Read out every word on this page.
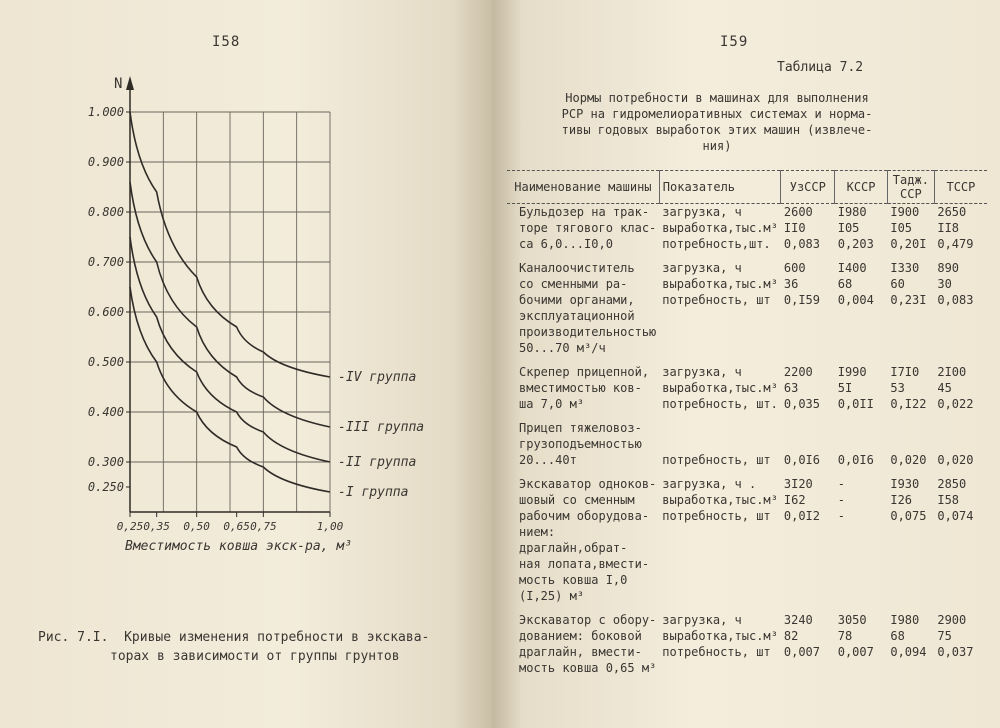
I58
1.000
0.900
0.800
0.700
0.600
0.500
0.400
0.300
0.250
0,25 0,35 0,50 0,65 0,75	1,00
N
Вместимость ковша экск-ра, м³
-IV группа
-III группа
-II группа
-I группа
Рис. 7.I. Кривые изменения потребности в экскава-
торах в зависимости от группы грунтов
I59
Таблица 7.2
Нормы потребности в машинах для выполнения
РСР на гидромелиоративных системах и норма-
тивы годовых выработок этих машин (извлече-
ния)
Наименование машины	Показатель	УзССР	КССР	Тадж. ССР	ТССР
Бульдозер на трак-	загрузка, ч	2600	I980	I900	2650
торе тягового клас-	выработка,тыс.м³	II0	I05	I05	II8
са 6,0...I0,0	потребность,шт.	0,083	0,203	0,20I	0,479
Каналоочиститель	загрузка, ч	600	I400	I330	890
со сменными ра-	выработка,тыс.м³	36	68	60	30
бочими органами,	потребность, шт	0,I59	0,004	0,23I	0,083
эксплуатационной					
производительностью					
50...70 м³/ч					
Скрепер прицепной,	загрузка, ч	2200	I990	I7I0	2I00
вместимостью ков-	выработка,тыс.м³	63	5I	53	45
ша 7,0 м³	потребность, шт.	0,035	0,0II	0,I22	0,022
Прицеп тяжеловоз-					
грузоподъемностью					
20...40т	потребность, шт	0,0I6	0,0I6	0,020	0,020
Экскаватор одноков-	загрузка, ч .	3I20	-	I930	2850
шовый со сменным	выработка,тыс.м³	I62	-	I26	I58
рабочим оборудова-	потребность, шт	0,0I2	-	0,075	0,074
нием: драглайн,обрат-					
ная лопата,вмести-					
мость ковша I,0					
(I,25) м³					
Экскаватор с обору-	загрузка, ч	3240	3050	I980	2900
дованием: боковой	выработка,тыс.м³	82	78	68	75
драглайн, вмести-	потребность, шт	0,007	0,007	0,094	0,037
мость ковша 0,65 м³					
